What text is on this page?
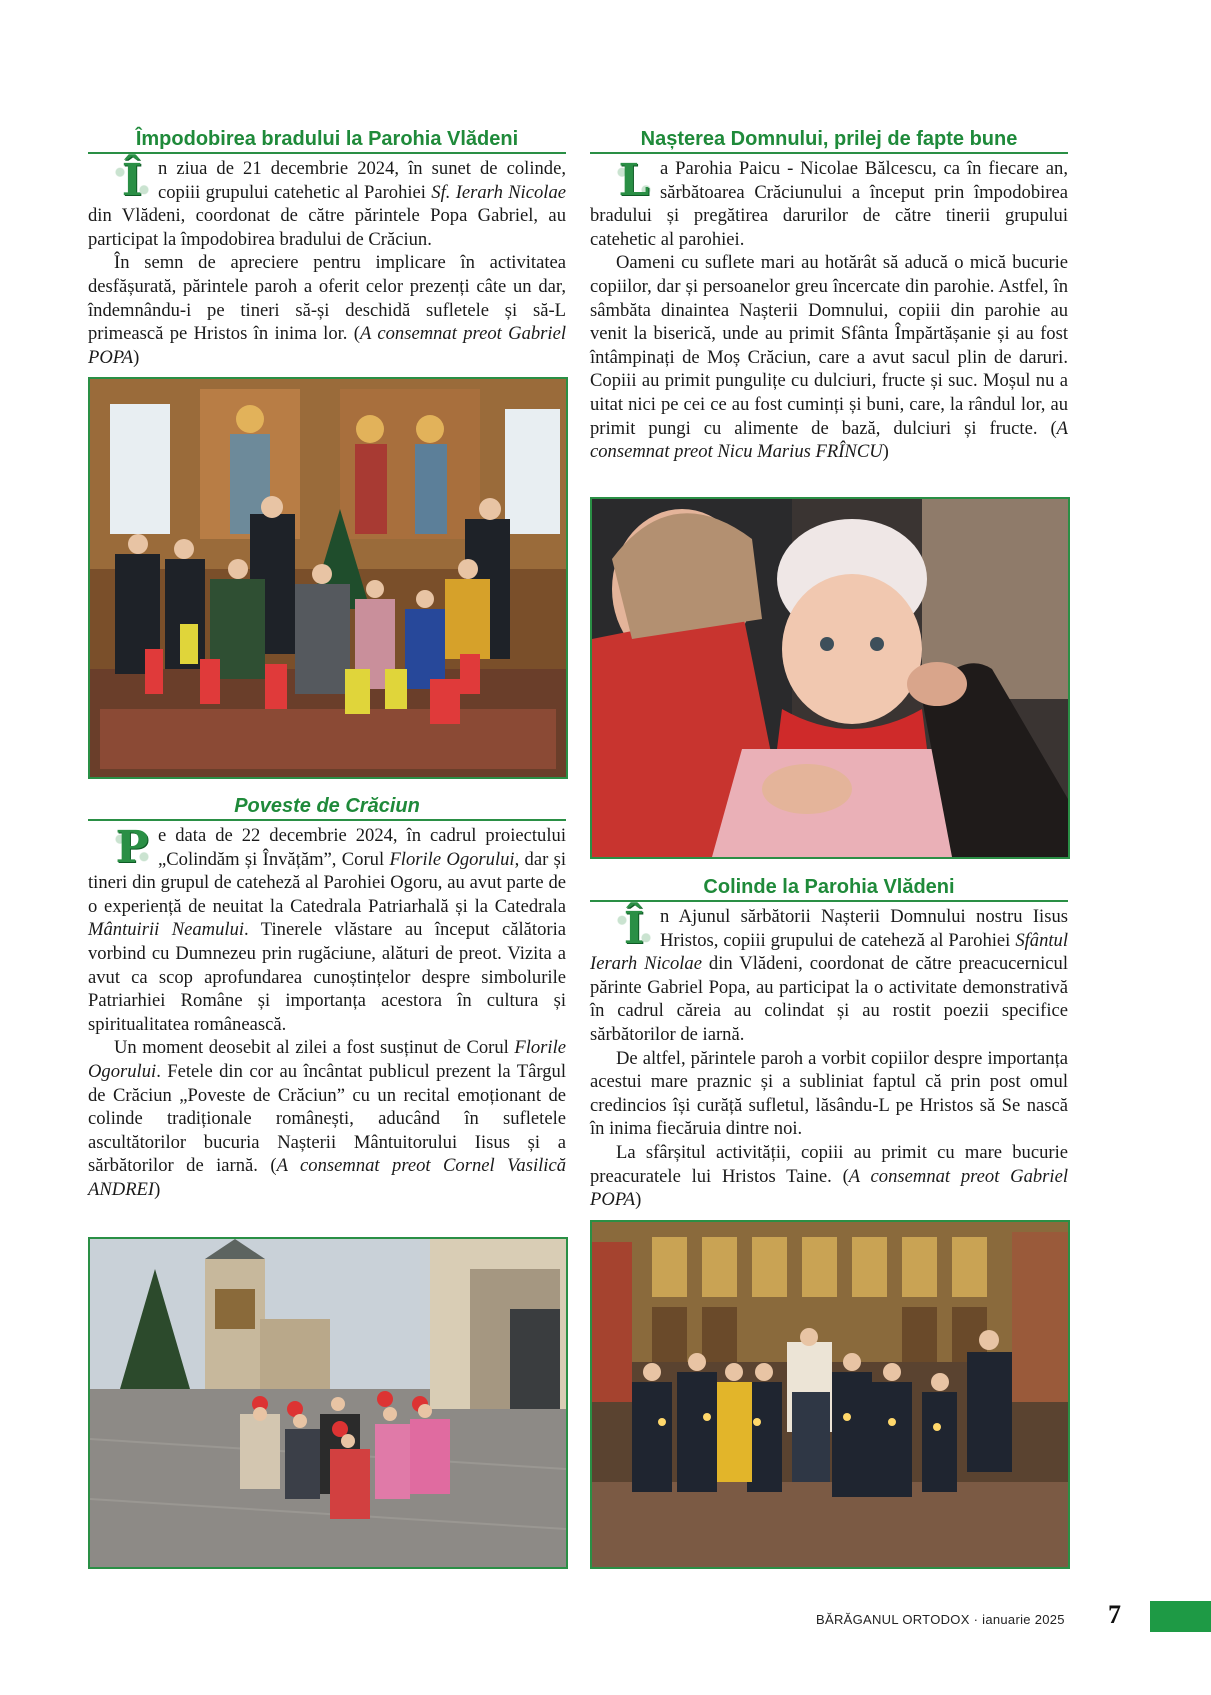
Împodobirea bradului la Parohia Vlădeni

Î n ziua de 21 decembrie 2024, în sunet de colinde, copiii grupului catehetic al Parohiei Sf. Ierarh Nicolae din Vlădeni, coordonat de către părintele Popa Gabriel, au participat la împodobirea bradului de Crăciun.

În semn de apreciere pentru implicare în activitatea desfășurată, părintele paroh a oferit celor prezenți câte un dar, îndemnându-i pe tineri să-și deschidă sufletele și să-L primească pe Hristos în inima lor. (A consemnat preot Gabriel POPA)

Poveste de Crăciun

P e data de 22 decembrie 2024, în cadrul proiectului „Colindăm și Învățăm”, Corul Florile Ogorului, dar și tineri din grupul de cateheză al Parohiei Ogoru, au avut parte de o experiență de neuitat la Catedrala Patriarhală și la Catedrala Mântuirii Neamului. Tinerele vlăstare au început călătoria vorbind cu Dumnezeu prin rugăciune, alături de preot. Vizita a avut ca scop aprofundarea cunoștințelor despre simbolurile Patriarhiei Române și importanța acestora în cultura și spiritualitatea românească.

Un moment deosebit al zilei a fost susținut de Corul Florile Ogorului. Fetele din cor au încântat publicul prezent la Târgul de Crăciun „Poveste de Crăciun” cu un recital emoționant de colinde tradiționale românești, aducând în sufletele ascultătorilor bucuria Nașterii Mântuitorului Iisus și a sărbătorilor de iarnă. (A consemnat preot Cornel Vasilică ANDREI)

Nașterea Domnului, prilej de fapte bune

L a Parohia Paicu - Nicolae Bălcescu, ca în fiecare an, sărbătoarea Crăciunului a început prin împodobirea bradului și pregătirea darurilor de către tinerii grupului catehetic al parohiei.

Oameni cu suflete mari au hotărât să aducă o mică bucurie copiilor, dar și persoanelor greu încercate din parohie. Astfel, în sâmbăta dinaintea Nașterii Domnului, copiii din parohie au venit la biserică, unde au primit Sfânta Împărtășanie și au fost întâmpinați de Moș Crăciun, care a avut sacul plin de daruri. Copiii au primit pungulițe cu dulciuri, fructe și suc. Moșul nu a uitat nici pe cei ce au fost cuminți și buni, care, la rândul lor, au primit pungi cu alimente de bază, dulciuri și fructe. (A consemnat preot Nicu Marius FRÎNCU)

Colinde la Parohia Vlădeni

Î n Ajunul sărbătorii Nașterii Domnului nostru Iisus Hristos, copiii grupului de cateheză al Parohiei Sfântul Ierarh Nicolae din Vlădeni, coordonat de către preacucernicul părinte Gabriel Popa, au participat la o activitate demonstrativă în cadrul căreia au colindat și au rostit poezii specifice sărbătorilor de iarnă.

De altfel, părintele paroh a vorbit copiilor despre importanța acestui mare praznic și a subliniat faptul că prin post omul credincios își curăță sufletul, lăsându-L pe Hristos să Se nască în inima fiecăruia dintre noi.

La sfârșitul activității, copiii au primit cu mare bucurie preacuratele lui Hristos Taine. (A consemnat preot Gabriel POPA)

BĂRĂGANUL ORTODOX · ianuarie 2025 7
